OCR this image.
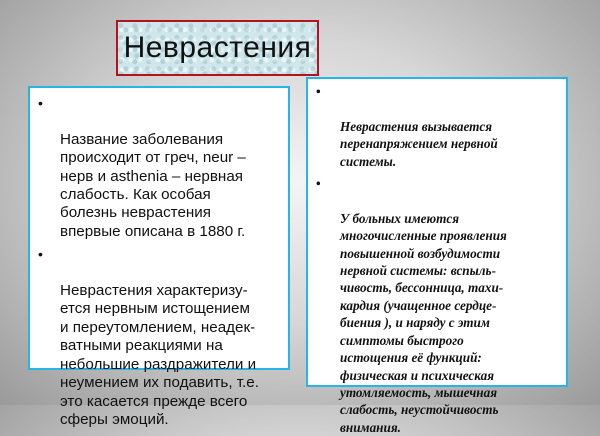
Неврастения

•

Название заболевания
происходит от греч, neur –
нерв и asthenia – нервная
слабость. Как особая
болезнь неврастения
впервые описана в 1880 г.

•

Неврастения характеризу-
ется нервным истощением
и переутомлением, неадек-
ватными реакциями на
небольшие раздражители и
неумением их подавить, т.е.
это касается прежде всего
сферы эмоций.

•

Неврастения вызывается
перенапряжением нервной
системы.

•

У больных имеются
многочисленные проявления
повышенной возбудимости
нервной системы: вспыль-
чивость, бессонница, тахи-
кардия (учащенное сердце-
биения ), и наряду с этим
симптомы быстрого
истощения её функций:
физическая и психическая
утомляемость, мышечная
слабость, неустойчивость
внимания.
